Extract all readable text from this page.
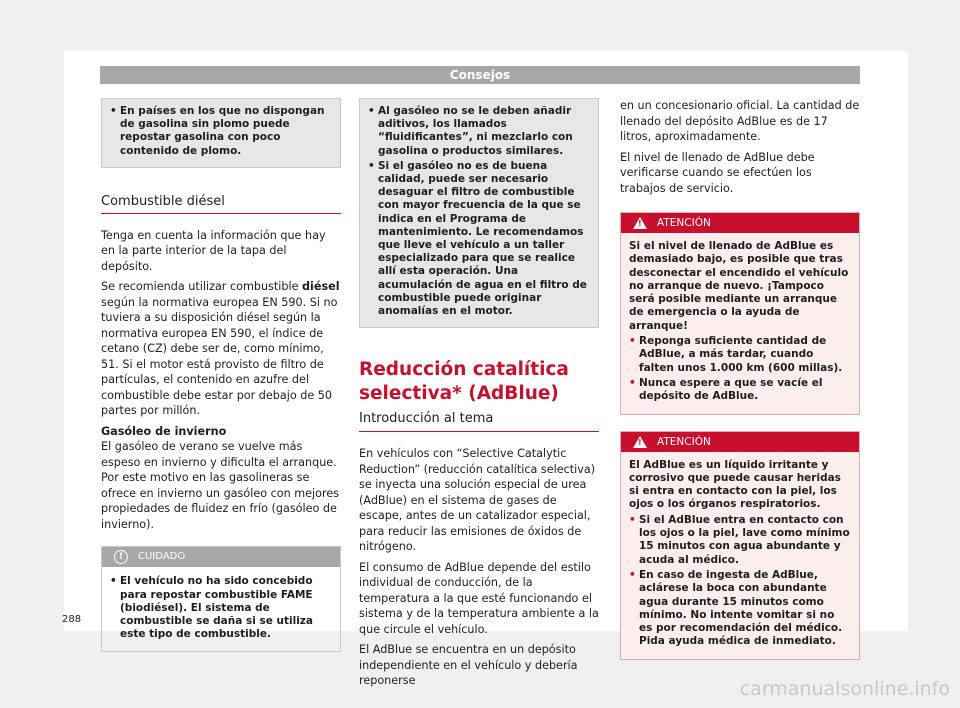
Consejos
• En países en los que no dispongan de gasolina sin plomo puede repostar gasolina con poco contenido de plomo.
Combustible diésel

Tenga en cuenta la información que hay en la parte interior de la tapa del depósito.

Se recomienda utilizar combustible diésel según la normativa europea EN 590. Si no tuviera a su disposición diésel según la normativa europea EN 590, el índice de cetano (CZ) debe ser de, como mínimo, 51. Si el motor está provisto de filtro de partículas, el contenido en azufre del combustible debe estar por debajo de 50 partes por millón.

Gasóleo de invierno

El gasóleo de verano se vuelve más espeso en invierno y dificulta el arranque. Por este motivo en las gasolineras se ofrece en invierno un gasóleo con mejores propiedades de fluidez en frío (gasóleo de invierno).

!	CUIDADO
• El vehículo no ha sido concebido para repostar combustible FAME (biodiésel). El sistema de combustible se daña si se utiliza este tipo de combustible.
• Al gasóleo no se le deben añadir aditivos, los llamados “fluidificantes”, ni mezclarlo con gasolina o productos similares.
• Si el gasóleo no es de buena calidad, puede ser necesario desaguar el filtro de combustible con mayor frecuencia de la que se indica en el Programa de mantenimiento. Le recomendamos que lleve el vehículo a un taller especializado para que se realice allí esta operación. Una acumulación de agua en el filtro de combustible puede originar anomalías en el motor.
Reducción catalítica selectiva* (AdBlue)
Introducción al tema

En vehículos con “Selective Catalytic Reduction” (reducción catalítica selectiva) se inyecta una solución especial de urea (AdBlue) en el sistema de gases de escape, antes de un catalizador especial, para reducir las emisiones de óxidos de nitrógeno.

El consumo de AdBlue depende del estilo individual de conducción, de la temperatura a la que esté funcionando el sistema y de la temperatura ambiente a la que circule el vehículo.

El AdBlue se encuentra en un depósito independiente en el vehículo y debería reponerse

en un concesionario oficial. La cantidad de llenado del depósito AdBlue es de 17 litros, aproximadamente.

El nivel de llenado de AdBlue debe verificarse cuando se efectúen los trabajos de servicio.

! ATENCIÓN
Si el nivel de llenado de AdBlue es demasiado bajo, es posible que tras desconectar el encendido el vehículo no arranque de nuevo. ¡Tampoco será posible mediante un arranque de emergencia o la ayuda de arranque!
• Reponga suficiente cantidad de AdBlue, a más tardar, cuando falten unos 1.000 km (600 millas).
• Nunca espere a que se vacíe el depósito de AdBlue.
! ATENCIÓN
El AdBlue es un líquido irritante y corrosivo que puede causar heridas si entra en contacto con la piel, los ojos o los órganos respiratorios.
• Si el AdBlue entra en contacto con los ojos o la piel, lave como mínimo 15 minutos con agua abundante y acuda al médico.
• En caso de ingesta de AdBlue, aclárese la boca con abundante agua durante 15 minutos como mínimo. No intente vomitar si no es por recomendación del médico. Pida ayuda médica de inmediato.
288
carmanualsonline.info
